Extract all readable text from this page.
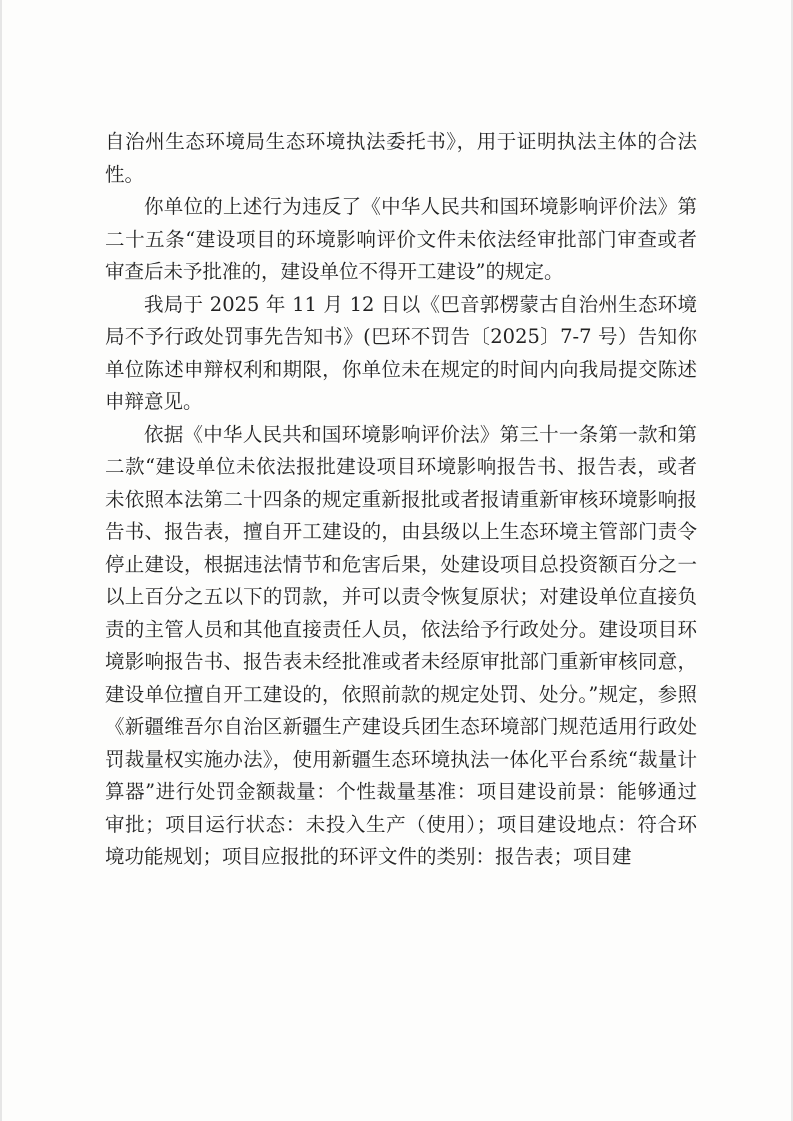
自治州生态环境局生态环境执法委托书》，用于证明执法主体的合法性。

你单位的上述行为违反了《中华人民共和国环境影响评价法》第二十五条“建设项目的环境影响评价文件未依法经审批部门审查或者审查后未予批准的，建设单位不得开工建设”的规定。

我局于 2025 年 11 月 12 日以《巴音郭楞蒙古自治州生态环境局不予行政处罚事先告知书》(巴环不罚告〔2025〕7-7 号）告知你单位陈述申辩权利和期限，你单位未在规定的时间内向我局提交陈述申辩意见。

依据《中华人民共和国环境影响评价法》第三十一条第一款和第二款“建设单位未依法报批建设项目环境影响报告书、报告表，或者未依照本法第二十四条的规定重新报批或者报请重新审核环境影响报告书、报告表，擅自开工建设的，由县级以上生态环境主管部门责令停止建设，根据违法情节和危害后果，处建设项目总投资额百分之一以上百分之五以下的罚款，并可以责令恢复原状；对建设单位直接负责的主管人员和其他直接责任人员，依法给予行政处分。建设项目环境影响报告书、报告表未经批准或者未经原审批部门重新审核同意，建设单位擅自开工建设的，依照前款的规定处罚、处分。”规定，参照《新疆维吾尔自治区新疆生产建设兵团生态环境部门规范适用行政处罚裁量权实施办法》，使用新疆生态环境执法一体化平台系统“裁量计算器”进行处罚金额裁量：个性裁量基准：项目建设前景：能够通过审批；项目运行状态：未投入生产（使用）；项目建设地点：符合环境功能规划；项目应报批的环评文件的类别：报告表；项目建
